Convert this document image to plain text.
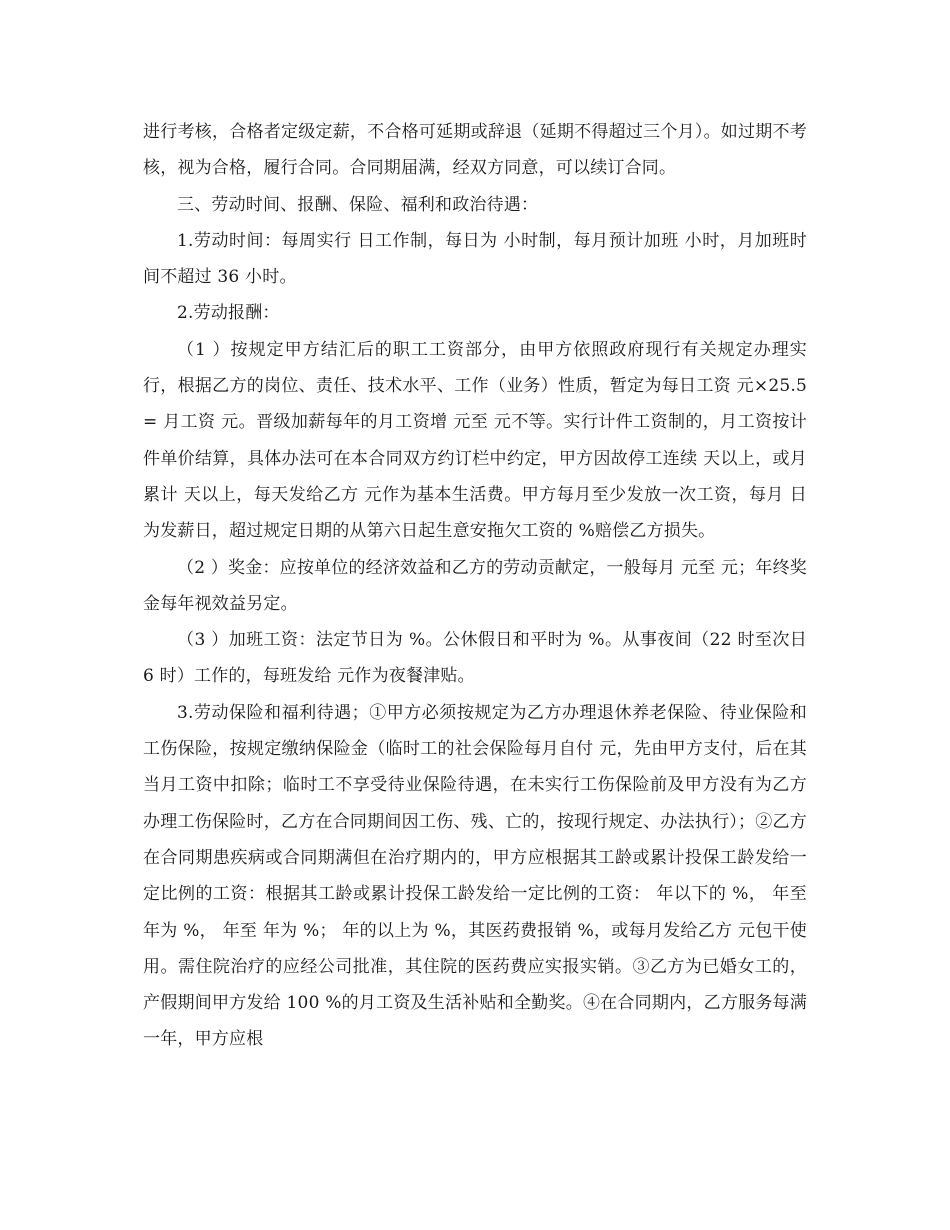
进行考核，合格者定级定薪，不合格可延期或辞退（延期不得超过三个月）。如过期不考核，视为合格，履行合同。合同期届满，经双方同意，可以续订合同。

三、劳动时间、报酬、保险、福利和政治待遇：

1.劳动时间：每周实行 日工作制，每日为 小时制，每月预计加班 小时，月加班时间不超过 36 小时。

2.劳动报酬：

（1 ）按规定甲方结汇后的职工工资部分，由甲方依照政府现行有关规定办理实行，根据乙方的岗位、责任、技术水平、工作（业务）性质，暂定为每日工资 元×25.5= 月工资 元。晋级加薪每年的月工资增 元至 元不等。实行计件工资制的，月工资按计件单价结算，具体办法可在本合同双方约订栏中约定，甲方因故停工连续 天以上，或月累计 天以上，每天发给乙方 元作为基本生活费。甲方每月至少发放一次工资，每月 日为发薪日，超过规定日期的从第六日起生意安拖欠工资的 %赔偿乙方损失。

（2 ）奖金：应按单位的经济效益和乙方的劳动贡献定，一般每月 元至 元；年终奖金每年视效益另定。

（3 ）加班工资：法定节日为 %。公休假日和平时为 %。从事夜间（22 时至次日 6 时）工作的，每班发给 元作为夜餐津贴。

3.劳动保险和福利待遇；①甲方必须按规定为乙方办理退休养老保险、待业保险和工伤保险，按规定缴纳保险金（临时工的社会保险每月自付 元，先由甲方支付，后在其当月工资中扣除；临时工不享受待业保险待遇，在未实行工伤保险前及甲方没有为乙方办理工伤保险时，乙方在合同期间因工伤、残、亡的，按现行规定、办法执行）；②乙方在合同期患疾病或合同期满但在治疗期内的，甲方应根据其工龄或累计投保工龄发给一定比例的工资：根据其工龄或累计投保工龄发给一定比例的工资： 年以下的 %， 年至 年为 %， 年至 年为 %； 年的以上为 %，其医药费报销 %，或每月发给乙方 元包干使用。需住院治疗的应经公司批准，其住院的医药费应实报实销。③乙方为已婚女工的，产假期间甲方发给 100 %的月工资及生活补贴和全勤奖。④在合同期内，乙方服务每满一年，甲方应根
